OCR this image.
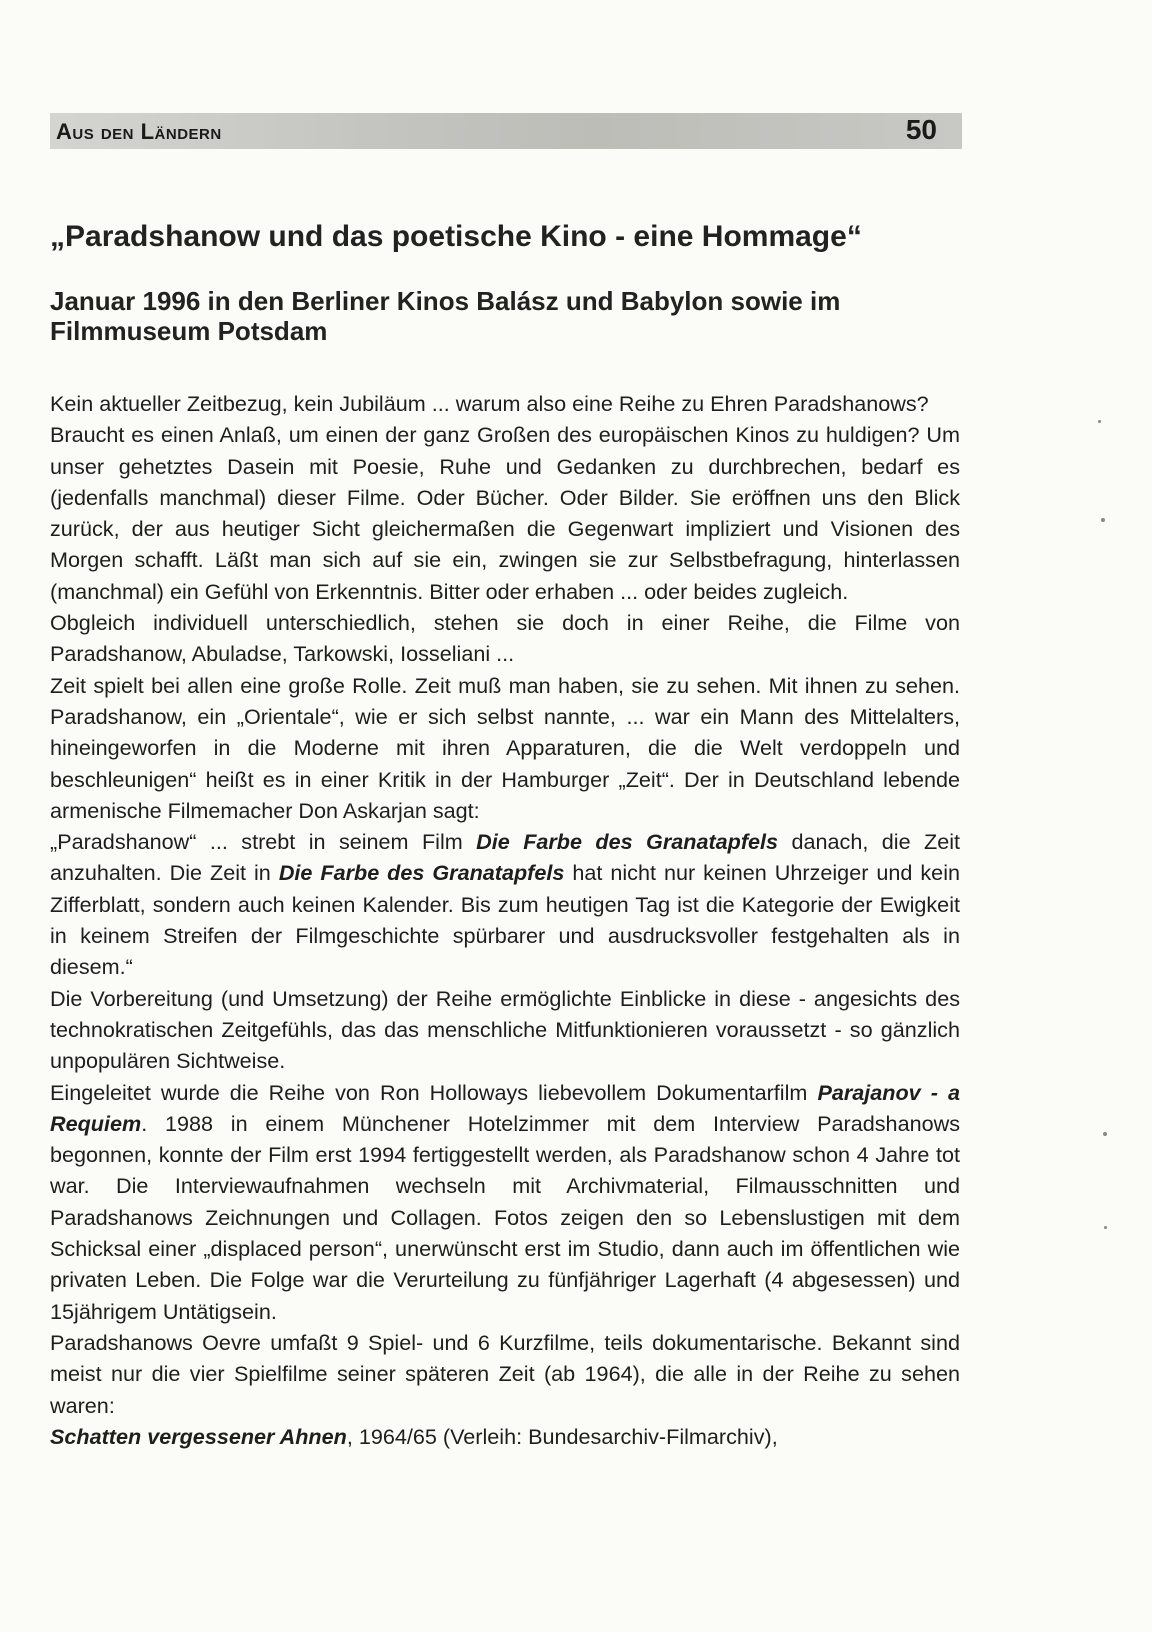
Aus den Ländern	50
„Paradshanow und das poetische Kino - eine Hommage“
Januar 1996 in den Berliner Kinos Balász und Babylon sowie im Filmmuseum Potsdam

Kein aktueller Zeitbezug, kein Jubiläum ... warum also eine Reihe zu Ehren Paradshanows?

Braucht es einen Anlaß, um einen der ganz Großen des europäischen Kinos zu huldigen? Um unser gehetztes Dasein mit Poesie, Ruhe und Gedanken zu durchbrechen, bedarf es (jedenfalls manchmal) dieser Filme. Oder Bücher. Oder Bilder. Sie eröffnen uns den Blick zurück, der aus heutiger Sicht gleichermaßen die Gegenwart impliziert und Visionen des Morgen schafft. Läßt man sich auf sie ein, zwingen sie zur Selbstbefragung, hinterlassen (manchmal) ein Gefühl von Erkenntnis. Bitter oder erhaben ... oder beides zugleich.

Obgleich individuell unterschiedlich, stehen sie doch in einer Reihe, die Filme von Paradshanow, Abuladse, Tarkowski, Iosseliani ...

Zeit spielt bei allen eine große Rolle. Zeit muß man haben, sie zu sehen. Mit ihnen zu sehen. Paradshanow, ein „Orientale“, wie er sich selbst nannte, ... war ein Mann des Mittelalters, hineingeworfen in die Moderne mit ihren Apparaturen, die die Welt verdoppeln und beschleunigen“ heißt es in einer Kritik in der Hamburger „Zeit“. Der in Deutschland lebende armenische Filmemacher Don Askarjan sagt:

„Paradshanow“ ... strebt in seinem Film Die Farbe des Granatapfels danach, die Zeit anzuhalten. Die Zeit in Die Farbe des Granatapfels hat nicht nur keinen Uhrzeiger und kein Zifferblatt, sondern auch keinen Kalender. Bis zum heutigen Tag ist die Kategorie der Ewigkeit in keinem Streifen der Filmgeschichte spürbarer und ausdrucksvoller festgehalten als in diesem.“

Die Vorbereitung (und Umsetzung) der Reihe ermöglichte Einblicke in diese - angesichts des technokratischen Zeitgefühls, das das menschliche Mitfunktionieren voraussetzt - so gänzlich unpopulären Sichtweise.

Eingeleitet wurde die Reihe von Ron Holloways liebevollem Dokumentarfilm Parajanov - a Requiem. 1988 in einem Münchener Hotelzimmer mit dem Interview Paradshanows begonnen, konnte der Film erst 1994 fertiggestellt werden, als Paradshanow schon 4 Jahre tot war. Die Interviewaufnahmen wechseln mit Archivmaterial, Filmausschnitten und Paradshanows Zeichnungen und Collagen. Fotos zeigen den so Lebenslustigen mit dem Schicksal einer „displaced person“, unerwünscht erst im Studio, dann auch im öffentlichen wie privaten Leben. Die Folge war die Verurteilung zu fünfjähriger Lagerhaft (4 abgesessen) und 15jährigem Untätigsein.

Paradshanows Oevre umfaßt 9 Spiel- und 6 Kurzfilme, teils dokumentarische. Bekannt sind meist nur die vier Spielfilme seiner späteren Zeit (ab 1964), die alle in der Reihe zu sehen waren:

Schatten vergessener Ahnen, 1964/65 (Verleih: Bundesarchiv-Filmarchiv),
